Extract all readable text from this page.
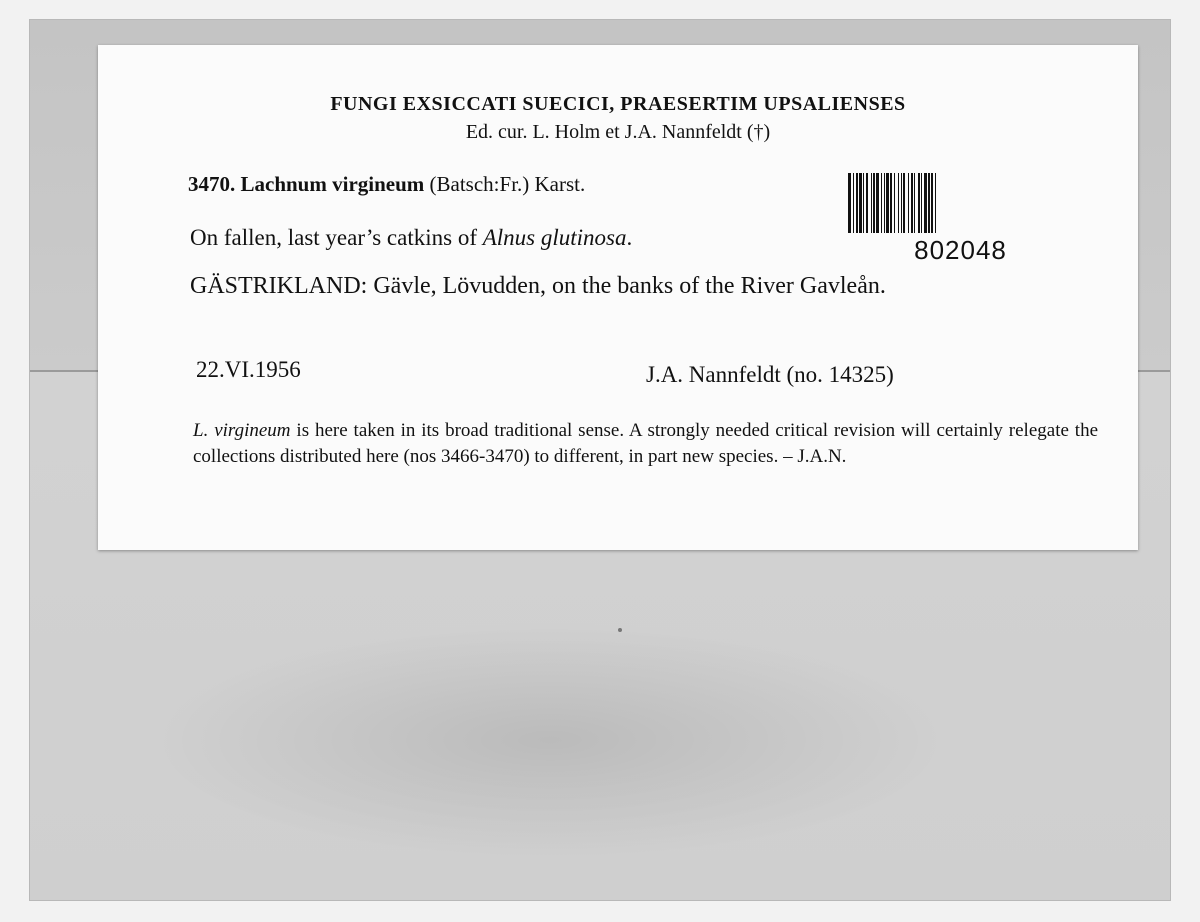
FUNGI EXSICCATI SUECICI, PRAESERTIM UPSALIENSES
Ed. cur. L. Holm et J.A. Nannfeldt (†)
3470. Lachnum virgineum (Batsch:Fr.) Karst.
802048
On fallen, last year’s catkins of Alnus glutinosa.
GÄSTRIKLAND: Gävle, Lövudden, on the banks of the River Gavleån.
22.VI.1956	J.A. Nannfeldt (no. 14325)
L. virgineum is here taken in its broad traditional sense. A strongly needed critical revision will certainly relegate the collections distributed here (nos 3466-3470) to different, in part new species. – J.A.N.
